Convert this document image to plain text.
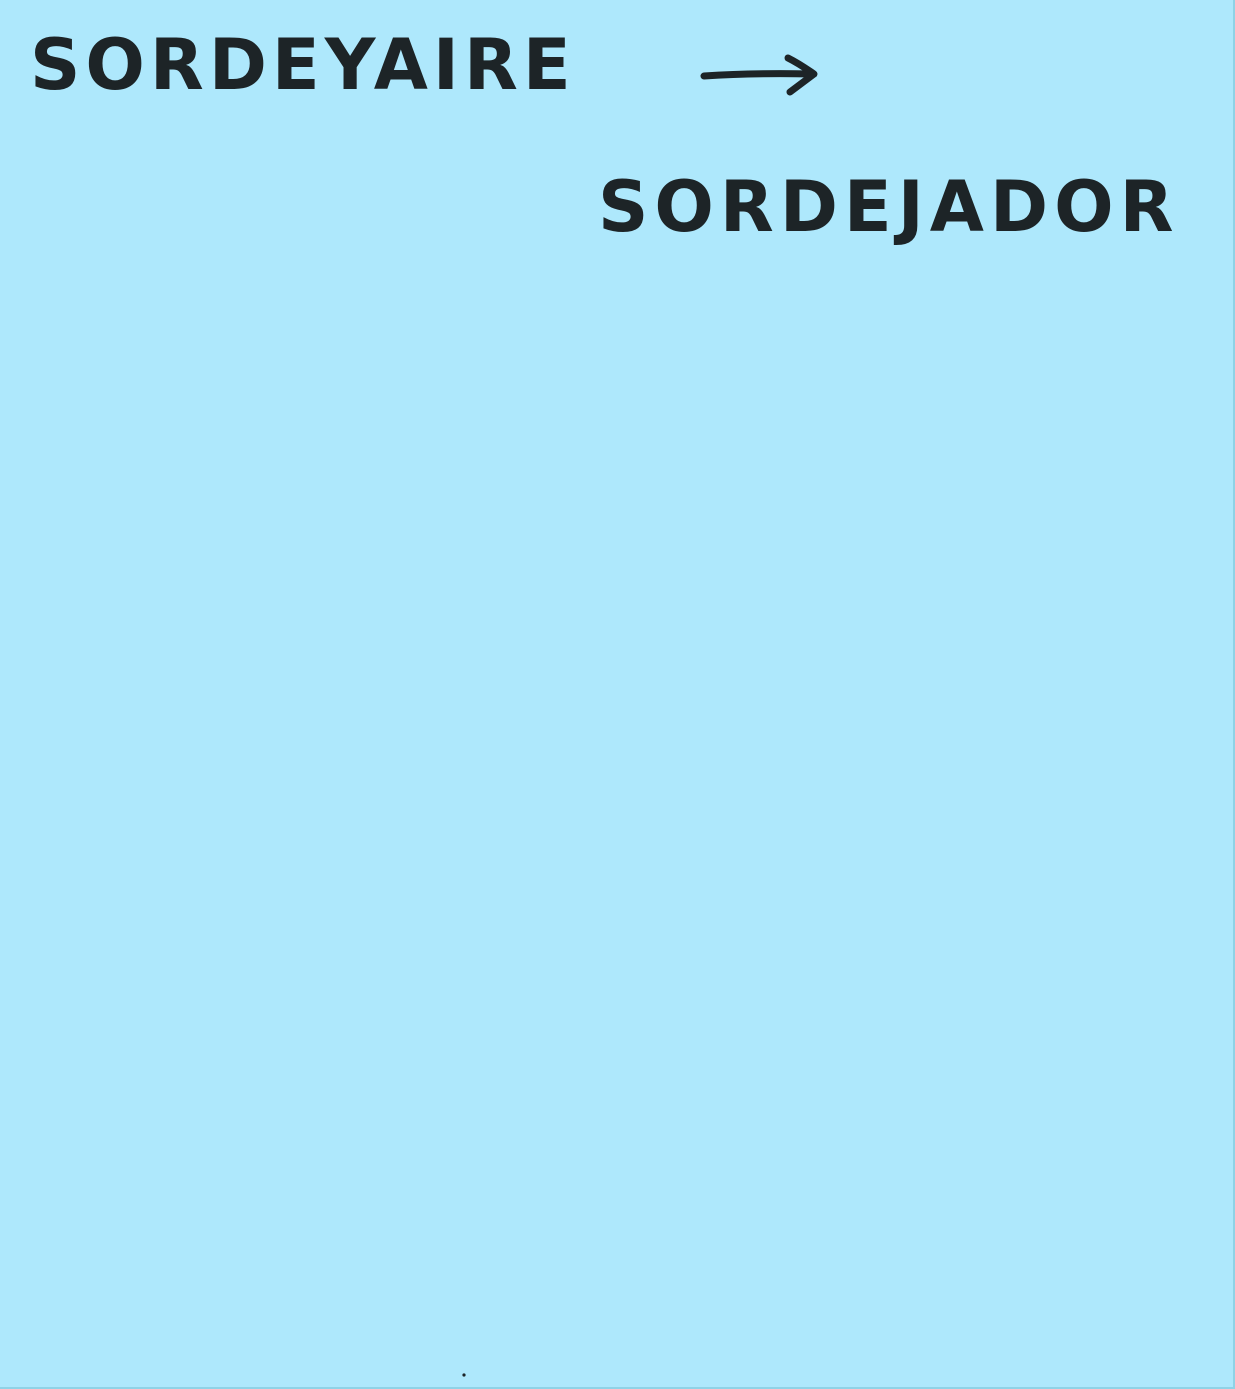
SORDEYAIRE
SORDEJADOR
